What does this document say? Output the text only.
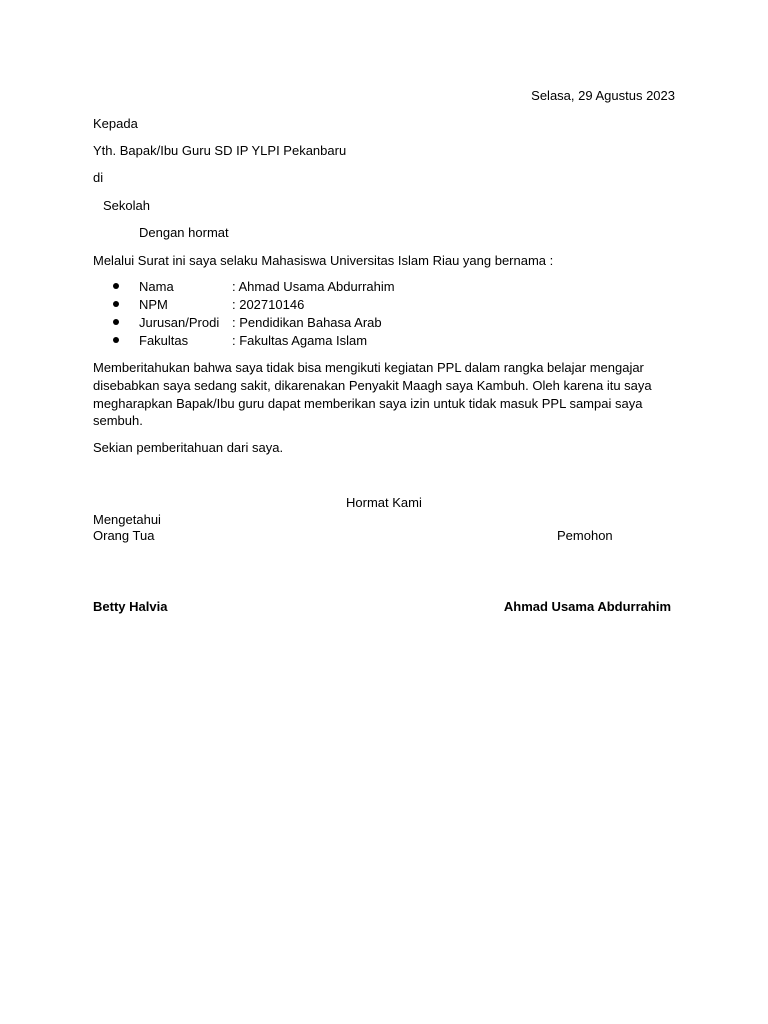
Selasa, 29 Agustus 2023
Kepada
Yth. Bapak/Ibu Guru SD IP YLPI Pekanbaru
di
Sekolah
Dengan hormat
Melalui Surat ini saya selaku Mahasiswa Universitas Islam Riau yang bernama :
Nama	: Ahmad Usama Abdurrahim
NPM	: 202710146
Jurusan/Prodi : Pendidikan Bahasa Arab
Fakultas	: Fakultas Agama Islam
Memberitahukan bahwa saya tidak bisa mengikuti kegiatan PPL dalam rangka belajar mengajar disebabkan saya sedang sakit, dikarenakan Penyakit Maagh saya Kambuh. Oleh karena itu saya megharapkan Bapak/Ibu guru dapat memberikan saya izin untuk tidak masuk PPL sampai saya sembuh.
Sekian pemberitahuan dari saya.
Hormat Kami
Mengetahui
Orang Tua	Pemohon
Betty Halvia	Ahmad Usama Abdurrahim
